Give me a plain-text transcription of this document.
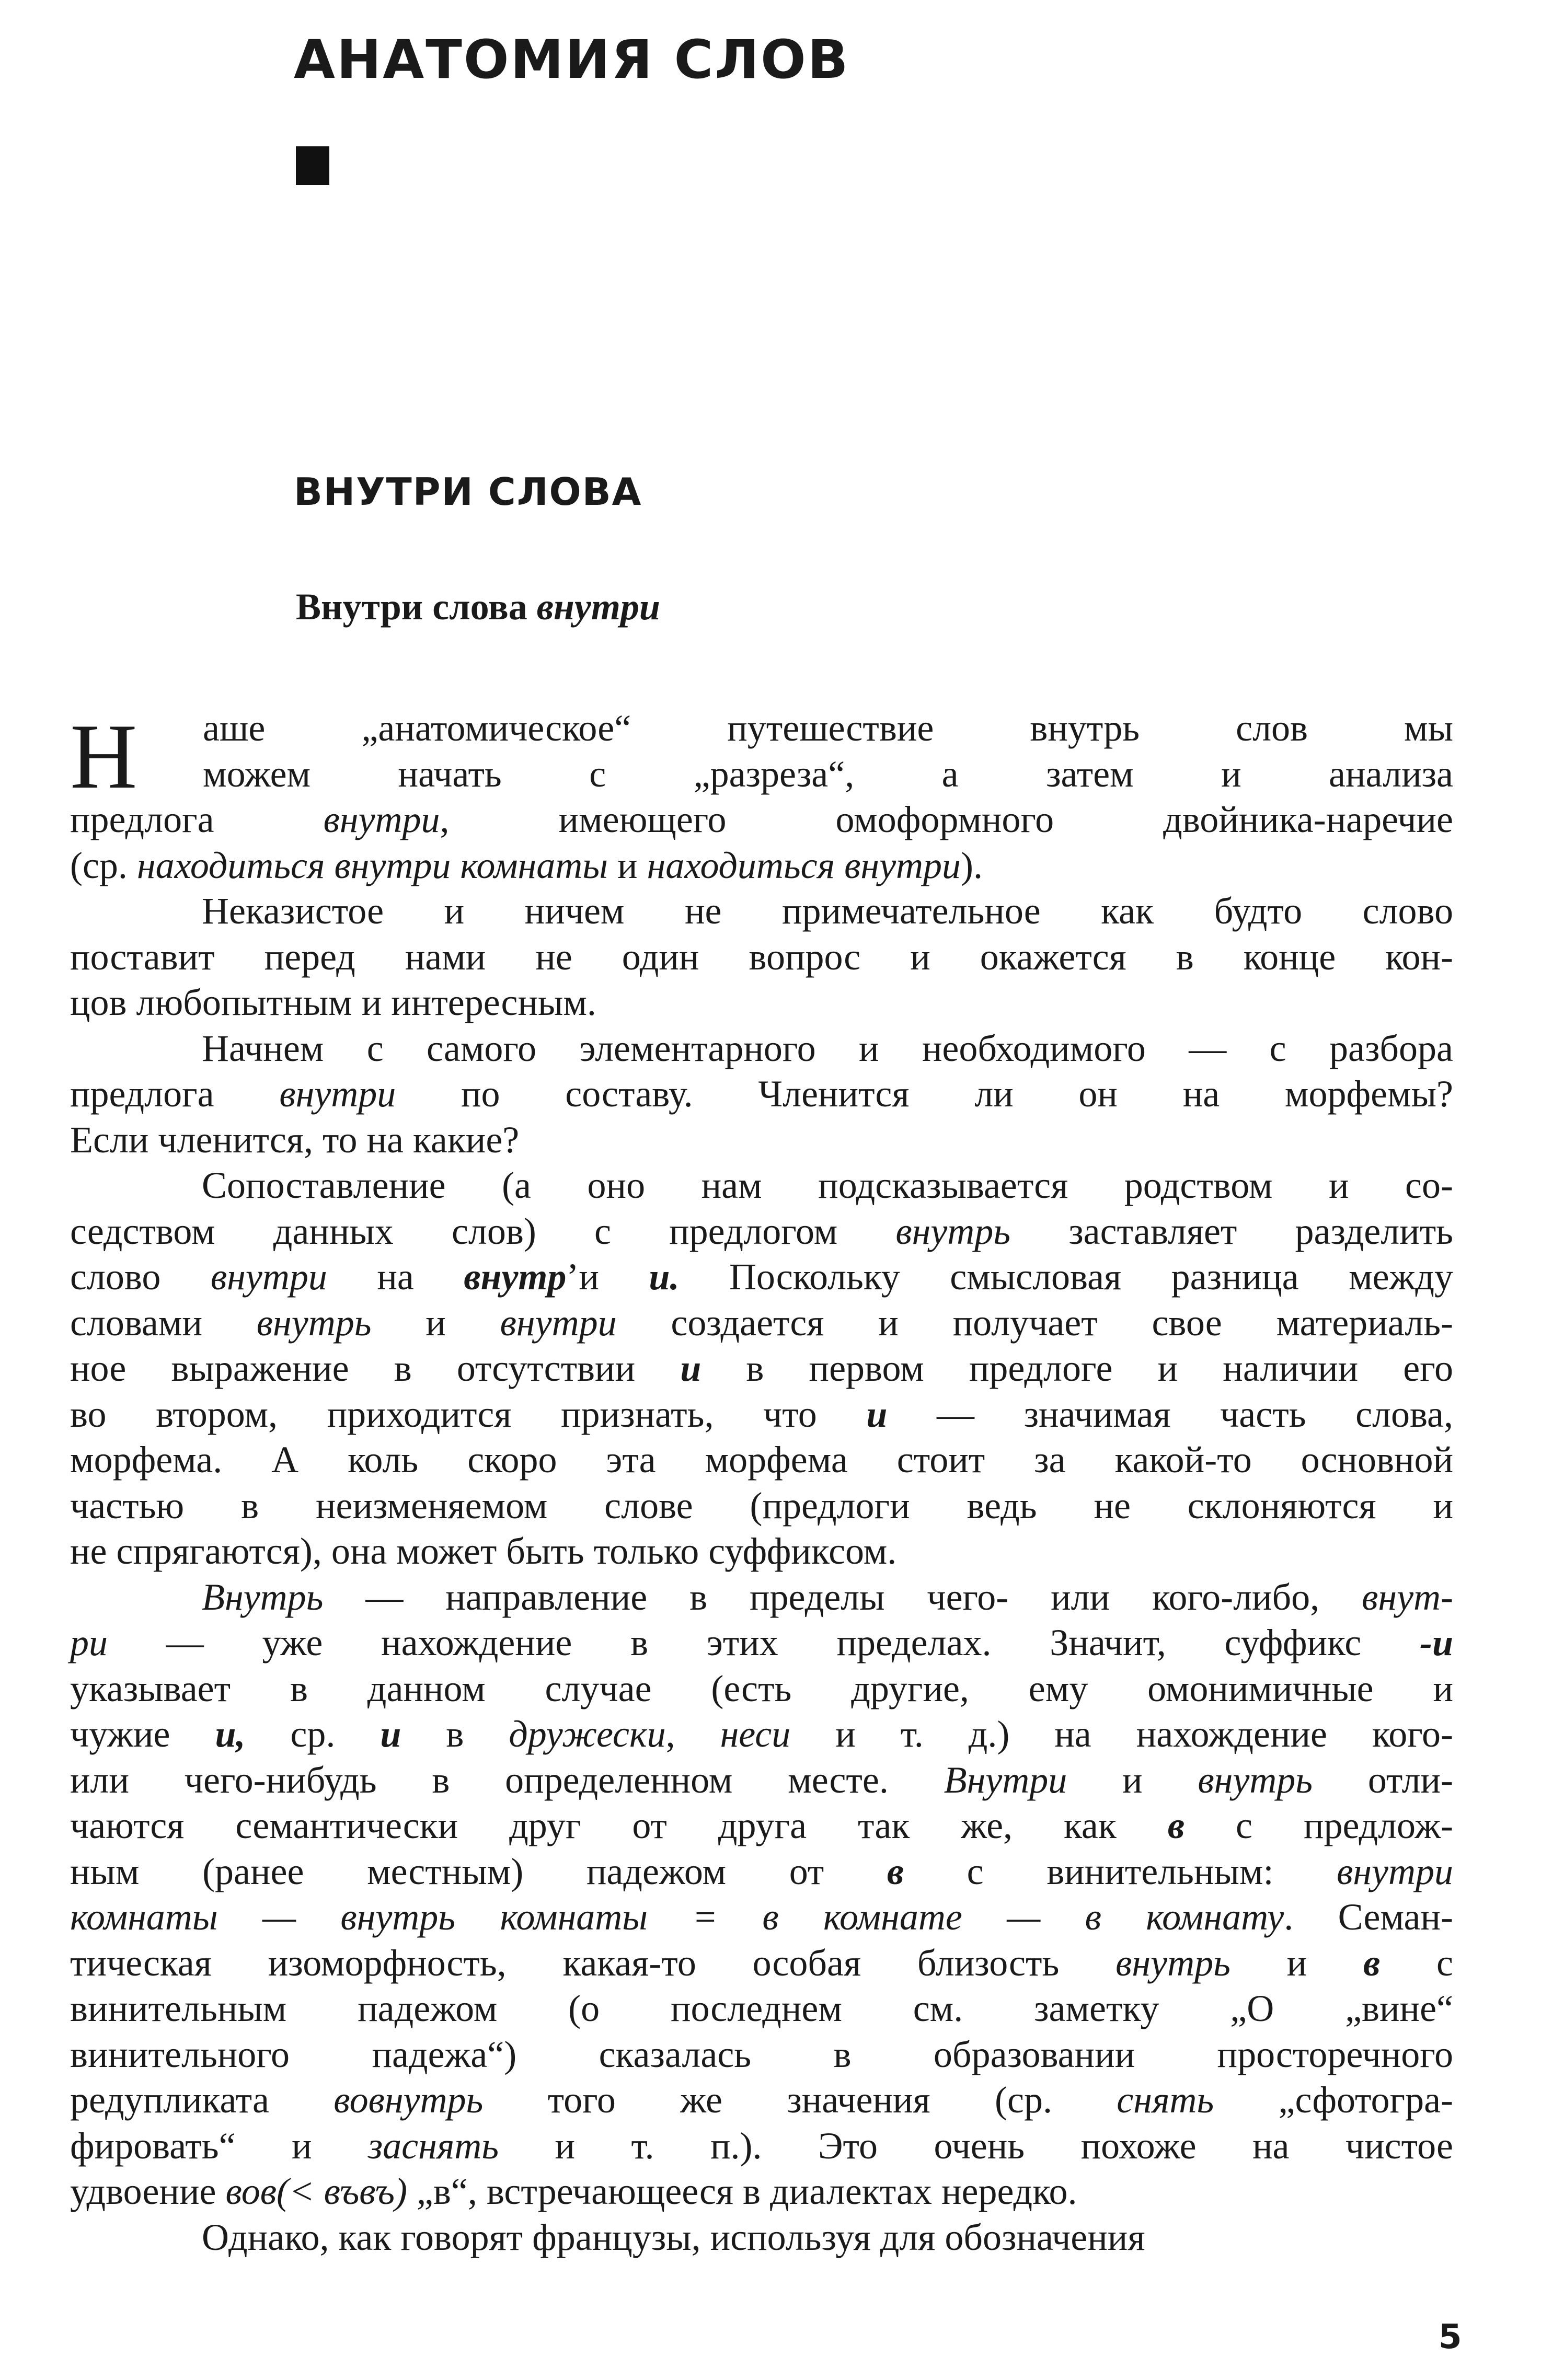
АНАТОМИЯ СЛОВ
ВНУТРИ СЛОВА
Внутри слова внутри
Н	аше „анатомическое“ путешествие внутрь слов мы
можем начать с „разреза“, а затем и анализа
предлога внутри, имеющего омоформного двойника-наречие
(ср. находиться внутри комнаты и находиться внутри).
Неказистое и ничем не примечательное как будто слово
поставит перед нами не один вопрос и окажется в конце кон-
цов любопытным и интересным.
Начнем с самого элементарного и необходимого — с разбора
предлога внутри по составу. Членится ли он на морфемы?
Если членится, то на какие?
Сопоставление (а оно нам подсказывается родством и со-
седством данных слов) с предлогом внутрь заставляет разделить
слово внутри на внутр’и и. Поскольку смысловая разница между
словами внутрь и внутри создается и получает свое материаль-
ное выражение в отсутствии и в первом предлоге и наличии его
во втором, приходится признать, что и — значимая часть слова,
морфема. А коль скоро эта морфема стоит за какой-то основной
частью в неизменяемом слове (предлоги ведь не склоняются и
не спрягаются), она может быть только суффиксом.
Внутрь — направление в пределы чего- или кого-либо, внут-
ри — уже нахождение в этих пределах. Значит, суффикс -и
указывает в данном случае (есть другие, ему омонимичные и
чужие и, ср. и в дружески, неси и т. д.) на нахождение кого-
или чего-нибудь в определенном месте. Внутри и внутрь отли-
чаются семантически друг от друга так же, как в с предлож-
ным (ранее местным) падежом от в с винительным: внутри
комнаты — внутрь комнаты = в комнате — в комнату. Семан-
тическая изоморфность, какая-то особая близость внутрь и в с
винительным падежом (о последнем см. заметку „О „вине“
винительного падежа“) сказалась в образовании просторечного
редупликата вовнутрь того же значения (ср. снять „сфотогра-
фировать“ и заснять и т. п.). Это очень похоже на чистое
удвоение вов(< въвъ) „в“, встречающееся в диалектах нередко.
Однако, как говорят французы, используя для обозначения
5
